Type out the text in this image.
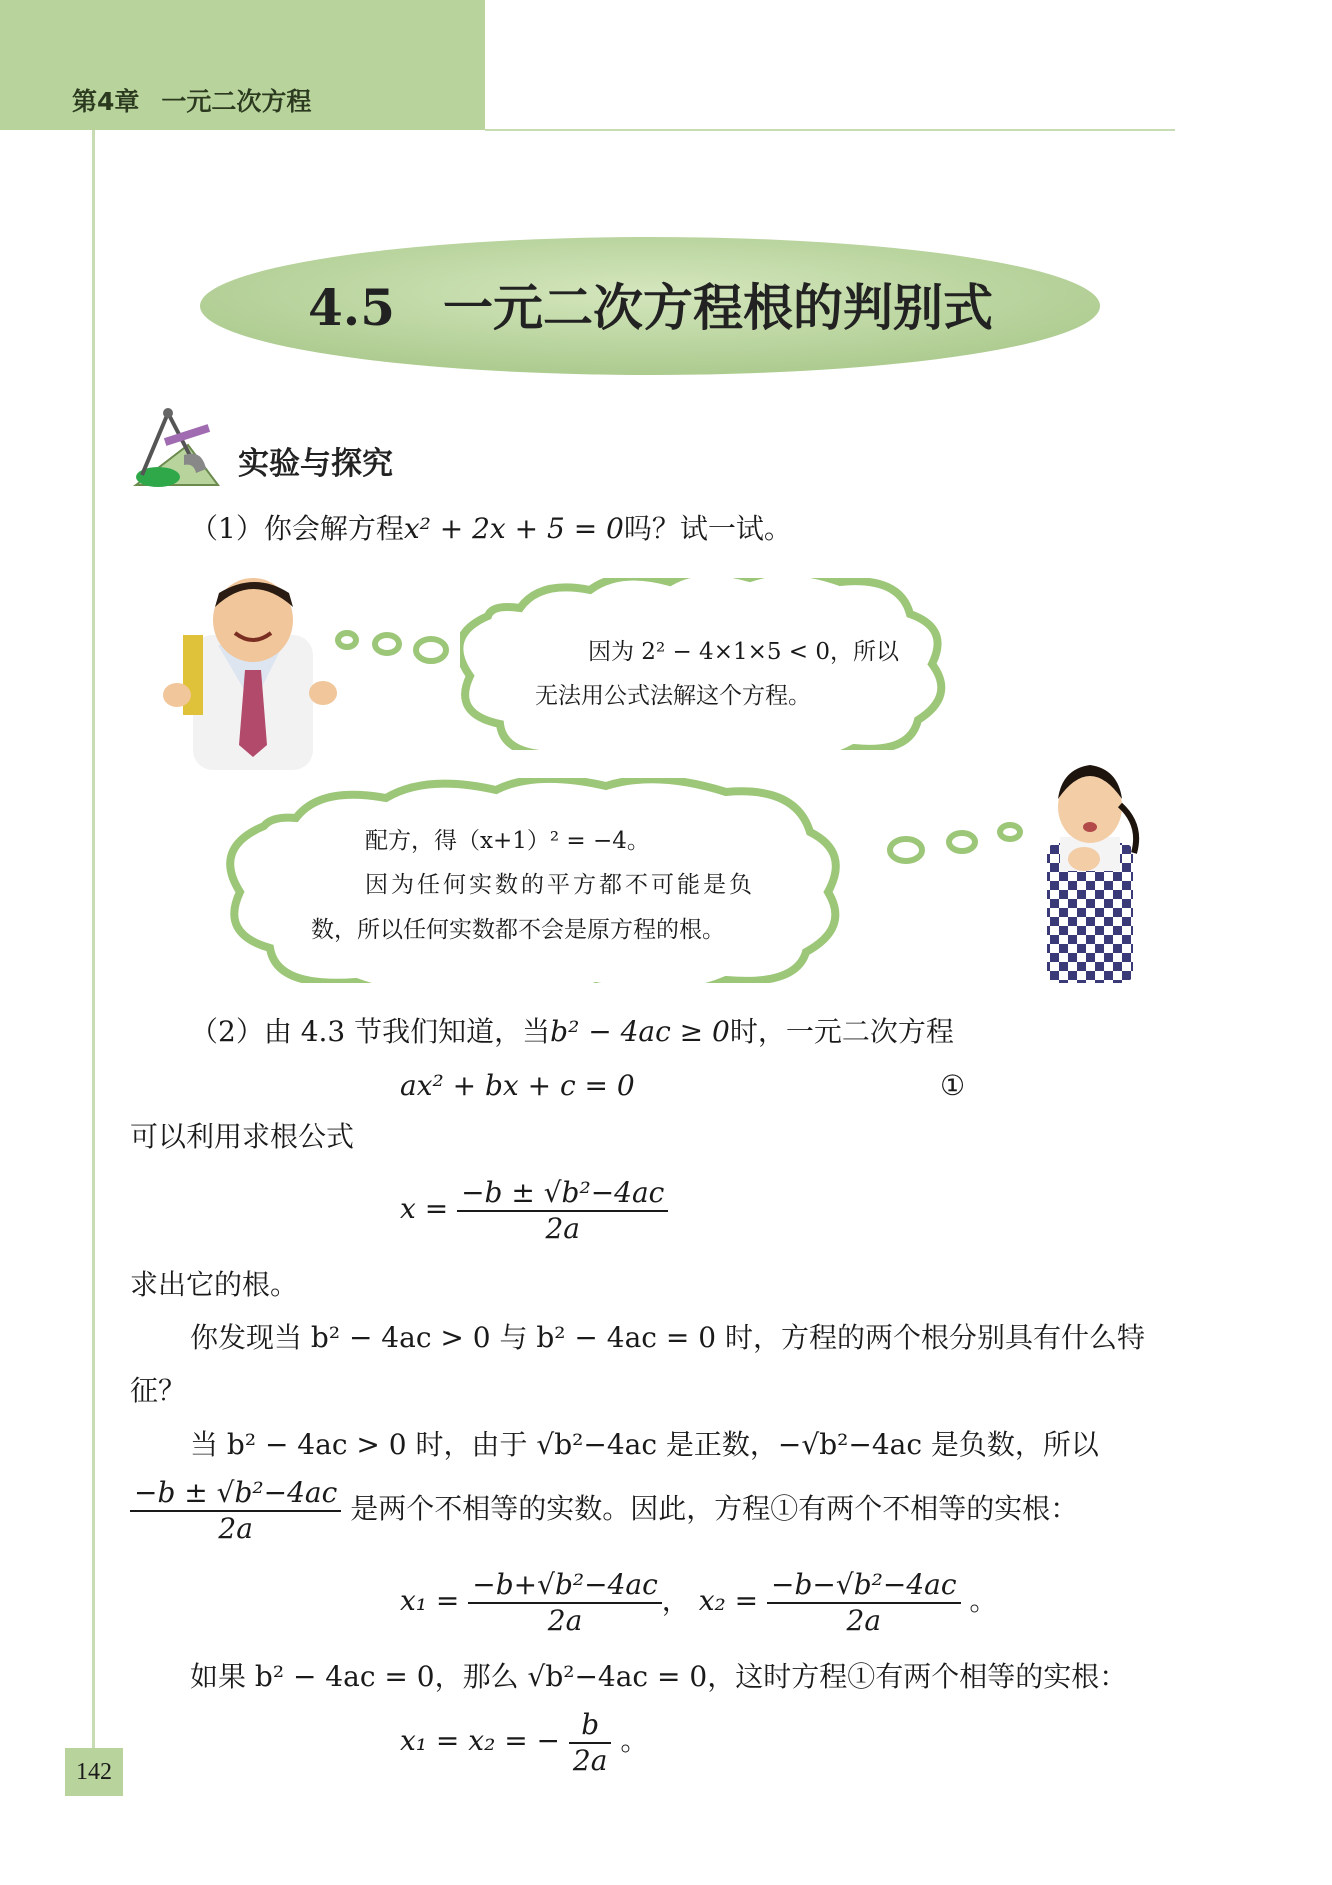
第4章 一元二次方程
4.5 一元二次方程根的判别式
实验与探究
（1）你会解方程x² + 2x + 5 = 0吗？试一试。
因为 2² − 4×1×5 < 0，所以
无法用公式法解这个方程。
配方，得（x+1）² = −4。
因为任何实数的平方都不可能是负
数，所以任何实数都不会是原方程的根。
（2）由 4.3 节我们知道，当b² − 4ac ≥ 0时，一元二次方程
ax² + bx + c = 0	①
可以利用求根公式
$x = \frac{\text{−b ± √b²−4ac}}{2a}$
求出它的根。
你发现当 b² − 4ac > 0 与 b² − 4ac = 0 时，方程的两个根分别具有什么特
征？
当 b² − 4ac > 0 时，由于 √b²−4ac 是正数，−√b²−4ac 是负数，所以
$\frac{\text{−b ± √b²−4ac}}{2a}$ 是两个不相等的实数。因此，方程①有两个不相等的实根：
$x_1 = \frac{\text{−b+√b²−4ac}}{2a}$ ， $x_2 = \frac{\text{−b−√b²−4ac}}{2a}$ 。
如果 b² − 4ac = 0，那么 √b²−4ac = 0，这时方程①有两个相等的实根：
x₁ = x₂ = − $\frac{b}{2a}$ 。
142
